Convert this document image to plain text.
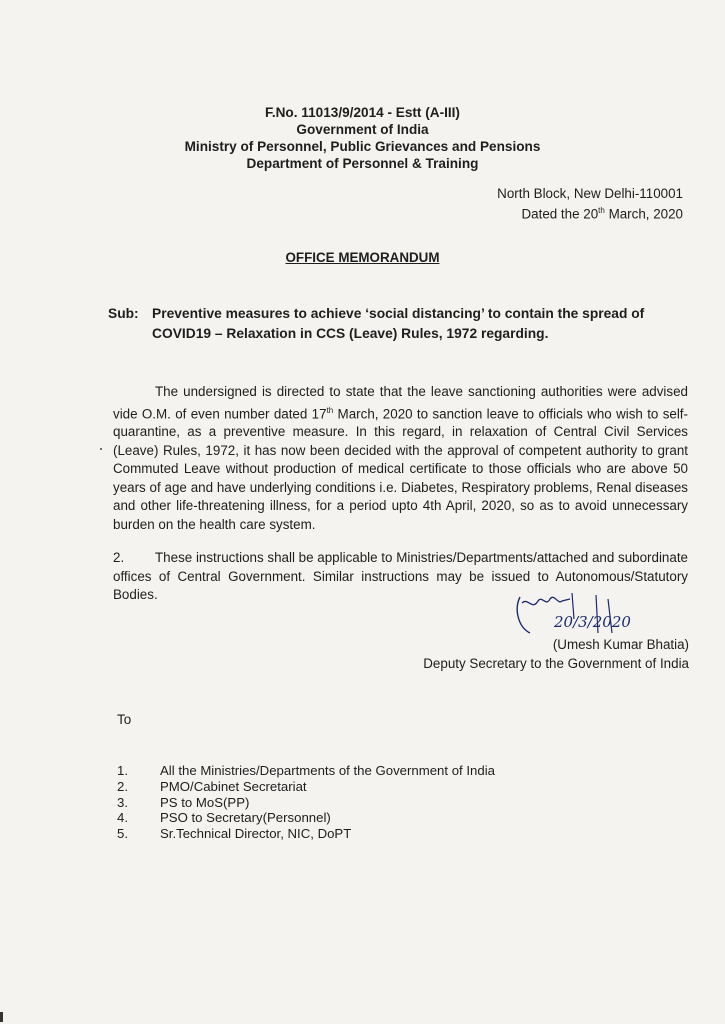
F.No. 11013/9/2014 - Estt (A-III)
Government of India
Ministry of Personnel, Public Grievances and Pensions
Department of Personnel & Training
North Block, New Delhi-110001
Dated the 20th March, 2020
OFFICE MEMORANDUM
Sub: Preventive measures to achieve ‘social distancing’ to contain the spread of COVID19 – Relaxation in CCS (Leave) Rules, 1972 regarding.
The undersigned is directed to state that the leave sanctioning authorities were advised vide O.M. of even number dated 17th March, 2020 to sanction leave to officials who wish to self-quarantine, as a preventive measure. In this regard, in relaxation of Central Civil Services (Leave) Rules, 1972, it has now been decided with the approval of competent authority to grant Commuted Leave without production of medical certificate to those officials who are above 50 years of age and have underlying conditions i.e. Diabetes, Respiratory problems, Renal diseases and other life-threatening illness, for a period upto 4th April, 2020, so as to avoid unnecessary burden on the health care system.
2. These instructions shall be applicable to Ministries/Departments/attached and subordinate offices of Central Government. Similar instructions may be issued to Autonomous/Statutory Bodies.
20/3/2020
(Umesh Kumar Bhatia)
Deputy Secretary to the Government of India
To
1.	All the Ministries/Departments of the Government of India
2.	PMO/Cabinet Secretariat
3.	PS to MoS(PP)
4.	PSO to Secretary(Personnel)
5.	Sr.Technical Director, NIC, DoPT
